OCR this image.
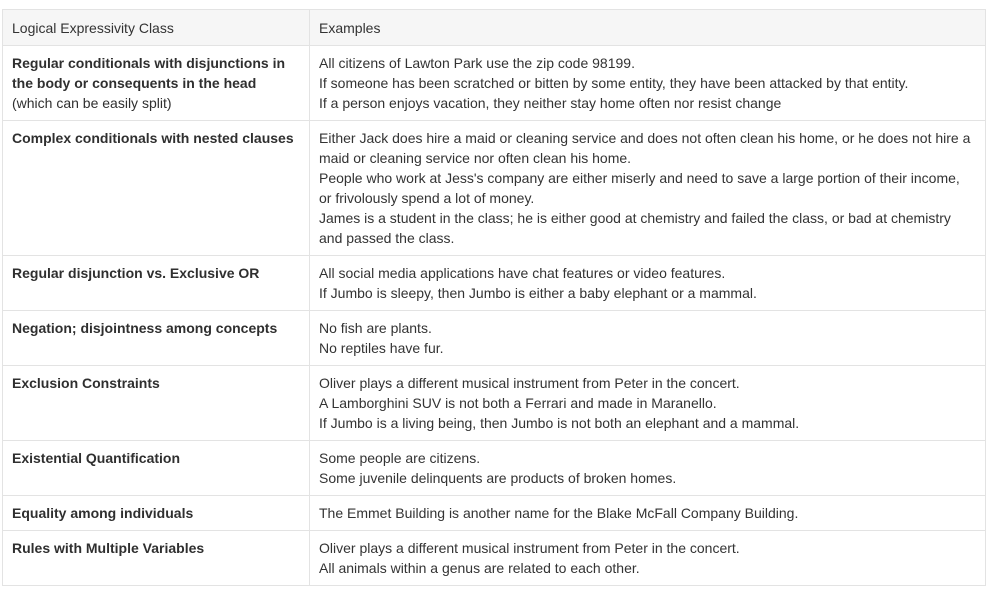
Logical Expressivity Class	Examples
Regular conditionals with disjunctions in the body or consequents in the head
(which can be easily split)	All citizens of Lawton Park use the zip code 98199.
If someone has been scratched or bitten by some entity, they have been attacked by that entity.
If a person enjoys vacation, they neither stay home often nor resist change

Complex conditionals with nested clauses	Either Jack does hire a maid or cleaning service and does not often clean his home, or he does not hire a maid or cleaning service nor often clean his home.
People who work at Jess's company are either miserly and need to save a large portion of their income, or frivolously spend a lot of money.
James is a student in the class; he is either good at chemistry and failed the class, or bad at chemistry and passed the class.

Regular disjunction vs. Exclusive OR	All social media applications have chat features or video features.
If Jumbo is sleepy, then Jumbo is either a baby elephant or a mammal.

Negation; disjointness among concepts	No fish are plants.
No reptiles have fur.

Exclusion Constraints	Oliver plays a different musical instrument from Peter in the concert.
A Lamborghini SUV is not both a Ferrari and made in Maranello.
If Jumbo is a living being, then Jumbo is not both an elephant and a mammal.

Existential Quantification	Some people are citizens.
Some juvenile delinquents are products of broken homes.

Equality among individuals	The Emmet Building is another name for the Blake McFall Company Building.

Rules with Multiple Variables	Oliver plays a different musical instrument from Peter in the concert.
All animals within a genus are related to each other.
